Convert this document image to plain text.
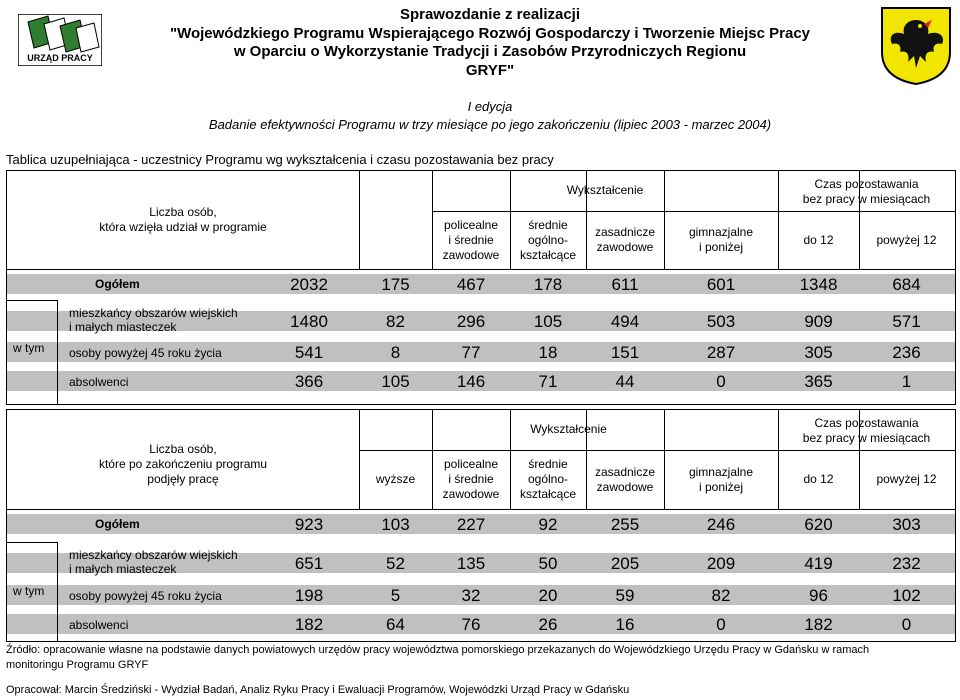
URZĄD PRACY
Sprawozdanie z realizacji
"Wojewódzkiego Programu Wspierającego Rozwój Gospodarczy i Tworzenie Miejsc Pracy
w Oparciu o Wykorzystanie Tradycji i Zasobów Przyrodniczych Regionu
GRYF"
I edycja
Badanie efektywności Programu w trzy miesiące po jego zakończeniu (lipiec 2003 - marzec 2004)
Tablica uzupełniająca - uczestnicy Programu wg wykształcenia i czasu pozostawania bez pracy
Liczba osób,
która wzięła udział w programie
Wykształcenie	Czas pozostawania
bez pracy w miesiącach
policealne
i średnie
zawodowe
średnie
ogólno-
kształcące
zasadnicze
zawodowe
gimnazjalne
i poniżej
do 12	powyżej 12
Ogółem	2032	175	467	178	611	601	1348	684
mieszkańcy obszarów wiejskich
i małych miasteczek	1480	82	296	105	494	503	909	571
osoby powyżej 45 roku życia	541	8	77	18	151	287	305	236
absolwenci	366	105	146	71	44	0	365	1
w tym
Liczba osób,
które po zakończeniu programu
podjęły pracę
Wykształcenie	Czas pozostawania
bez pracy w miesiącach
wyższe
policealne
i średnie
zawodowe
średnie
ogólno-
kształcące
zasadnicze
zawodowe
gimnazjalne
i poniżej
do 12	powyżej 12
Ogółem	923	103	227	92	255	246	620	303
mieszkańcy obszarów wiejskich
i małych miasteczek	651	52	135	50	205	209	419	232
osoby powyżej 45 roku życia	198	5	32	20	59	82	96	102
absolwenci	182	64	76	26	16	0	182	0
w tym
Źródło: opracowanie własne na podstawie danych powiatowych urzędów pracy województwa pomorskiego przekazanych do Wojewódzkiego Urzędu Pracy w Gdańsku w ramach
monitoringu Programu GRYF
Opracował: Marcin Średziński - Wydział Badań, Analiz Ryku Pracy i Ewaluacji Programów, Wojewódzki Urząd Pracy w Gdańsku
